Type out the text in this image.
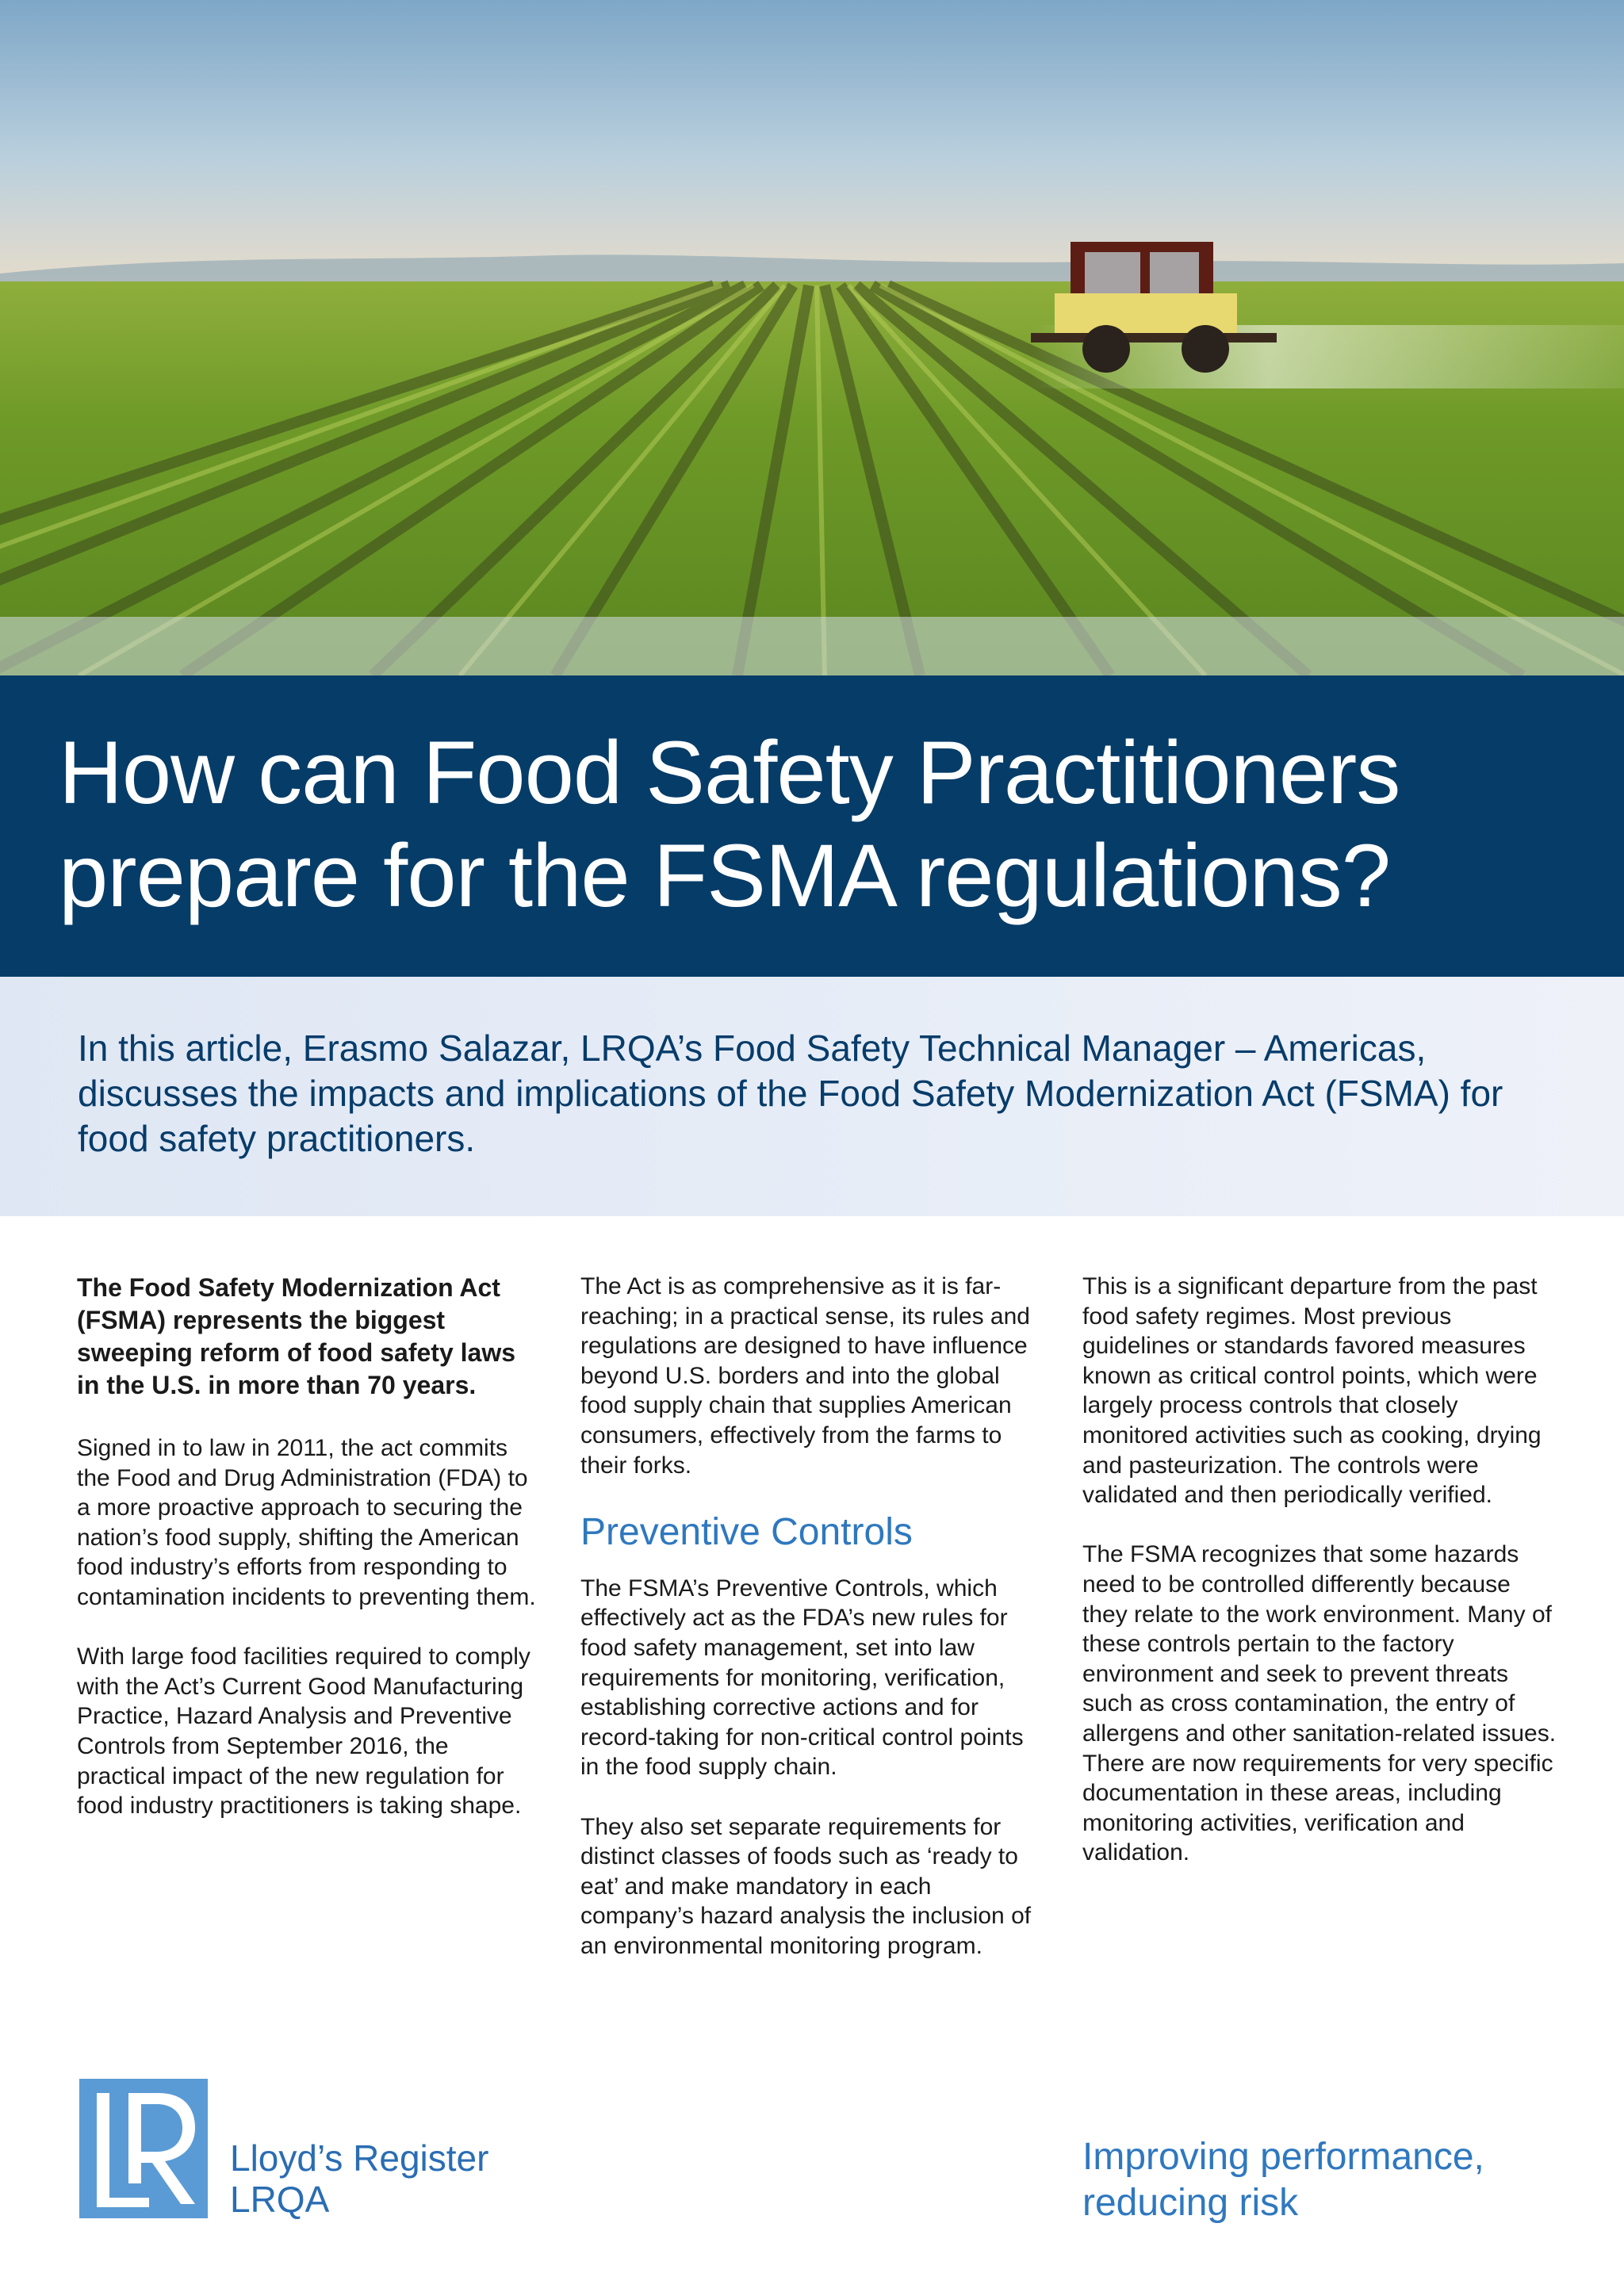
How can Food Safety Practitioners
prepare for the FSMA regulations?

In this article, Erasmo Salazar, LRQA’s Food Safety Technical Manager – Americas, discusses the impacts and implications of the Food Safety Modernization Act (FSMA) for food safety practitioners.

The Food Safety Modernization Act (FSMA) represents the biggest sweeping reform of food safety laws in the U.S. in more than 70 years.

Signed in to law in 2011, the act commits the Food and Drug Administration (FDA) to a more proactive approach to securing the nation’s food supply, shifting the American food industry’s efforts from responding to contamination incidents to preventing them.

With large food facilities required to comply with the Act’s Current Good Manufacturing Practice, Hazard Analysis and Preventive Controls from September 2016, the practical impact of the new regulation for food industry practitioners is taking shape.

The Act is as comprehensive as it is far-reaching; in a practical sense, its rules and regulations are designed to have influence beyond U.S. borders and into the global food supply chain that supplies American consumers, effectively from the farms to their forks.

Preventive Controls

The FSMA’s Preventive Controls, which effectively act as the FDA’s new rules for food safety management, set into law requirements for monitoring, verification, establishing corrective actions and for record-taking for non-critical control points in the food supply chain.

They also set separate requirements for distinct classes of foods such as ‘ready to eat’ and make mandatory in each company’s hazard analysis the inclusion of an environmental monitoring program.

This is a significant departure from the past food safety regimes. Most previous guidelines or standards favored measures known as critical control points, which were largely process controls that closely monitored activities such as cooking, drying and pasteurization. The controls were validated and then periodically verified.

The FSMA recognizes that some hazards need to be controlled differently because they relate to the work environment. Many of these controls pertain to the factory environment and seek to prevent threats such as cross contamination, the entry of allergens and other sanitation-related issues. There are now requirements for very specific documentation in these areas, including monitoring activities, verification and validation.

Lloyd’s Register
LRQA
Improving performance,
reducing risk
